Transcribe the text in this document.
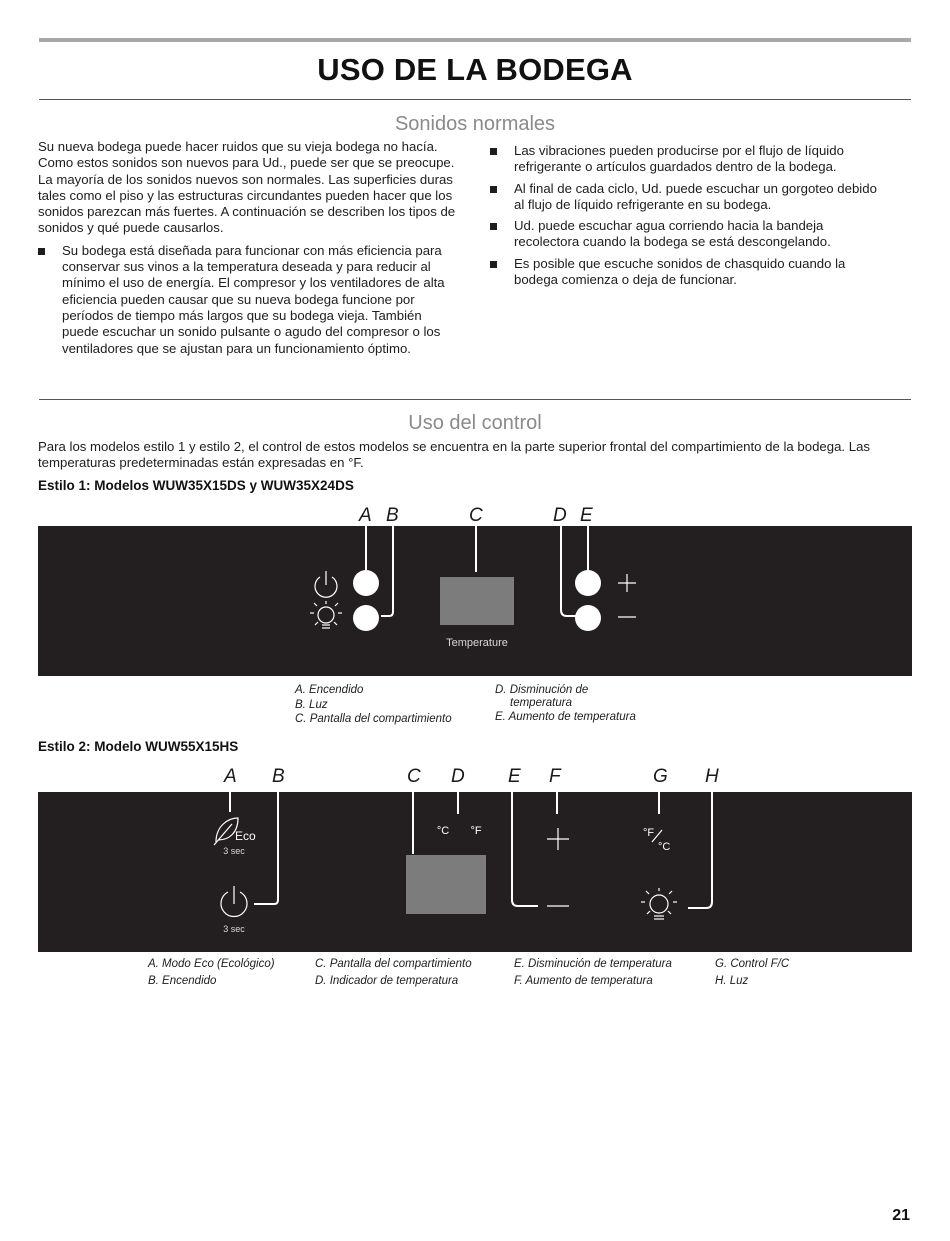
USO DE LA BODEGA
Sonidos normales
Su nueva bodega puede hacer ruidos que su vieja bodega no hacía. Como estos sonidos son nuevos para Ud., puede ser que se preocupe. La mayoría de los sonidos nuevos son normales. Las superficies duras tales como el piso y las estructuras circundantes pueden hacer que los sonidos parezcan más fuertes. A continuación se describen los tipos de sonidos y qué puede causarlos.
Su bodega está diseñada para funcionar con más eficiencia para conservar sus vinos a la temperatura deseada y para reducir al mínimo el uso de energía. El compresor y los ventiladores de alta eficiencia pueden causar que su nueva bodega funcione por períodos de tiempo más largos que su bodega vieja. También puede escuchar un sonido pulsante o agudo del compresor o los ventiladores que se ajustan para un funcionamiento óptimo.
Las vibraciones pueden producirse por el flujo de líquido refrigerante o artículos guardados dentro de la bodega.
Al final de cada ciclo, Ud. puede escuchar un gorgoteo debido al flujo de líquido refrigerante en su bodega.
Ud. puede escuchar agua corriendo hacia la bandeja recolectora cuando la bodega se está descongelando.
Es posible que escuche sonidos de chasquido cuando la bodega comienza o deja de funcionar.
Uso del control
Para los modelos estilo 1 y estilo 2, el control de estos modelos se encuentra en la parte superior frontal del compartimiento de la bodega. Las temperaturas predeterminadas están expresadas en °F.
Estilo 1: Modelos WUW35X15DS y WUW35X24DS
A B	C	D E
Temperature
A. Encendido
B. Luz
C. Pantalla del compartimiento
D. Disminución de
temperatura
E. Aumento de temperatura
Estilo 2: Modelo WUW55X15HS
A B	C D E F	G H
Eco
3 sec
3 sec
°C °F	°F
°C
A. Modo Eco (Ecológico)
B. Encendido
C. Pantalla del compartimiento
D. Indicador de temperatura
E. Disminución de temperatura
F. Aumento de temperatura
G. Control F/C
H. Luz
21
